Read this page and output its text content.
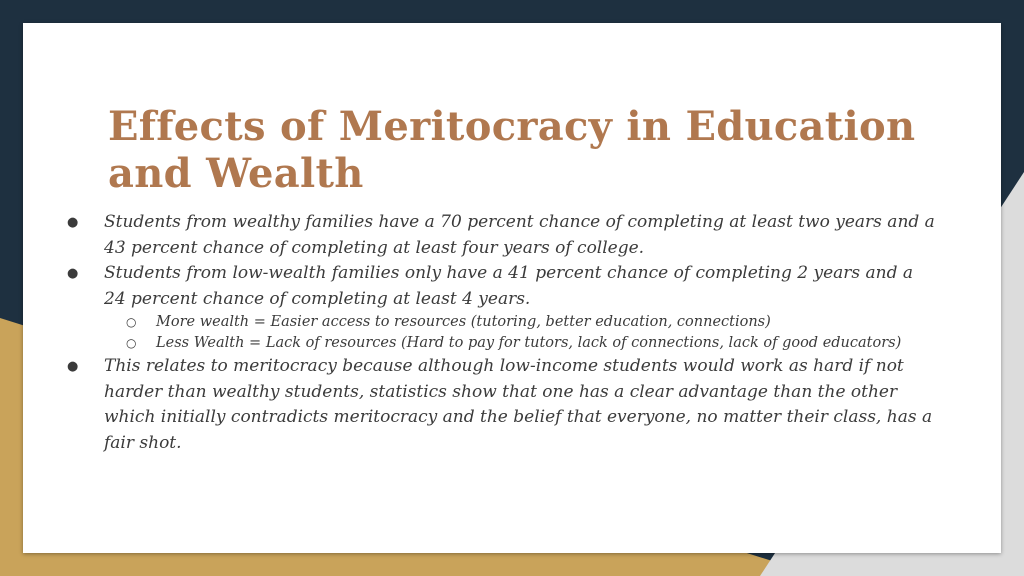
Effects of Meritocracy in Education and Wealth
● Students from wealthy families have a 70 percent chance of completing at least two years and a 43 percent chance of completing at least four years of college.
● Students from low-wealth families only have a 41 percent chance of completing 2 years and a 24 percent chance of completing at least 4 years.
○ More wealth = Easier access to resources (tutoring, better education, connections)
○ Less Wealth = Lack of resources (Hard to pay for tutors, lack of connections, lack of good educators)
● This relates to meritocracy because although low-income students would work as hard if not harder than wealthy students, statistics show that one has a clear advantage than the other which initially contradicts meritocracy and the belief that everyone, no matter their class, has a fair shot.
